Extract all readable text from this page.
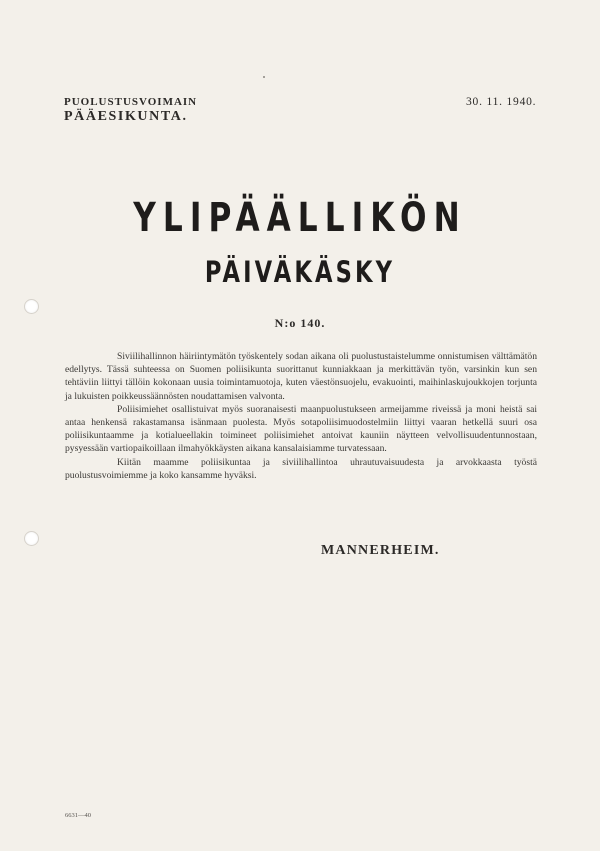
PUOLUSTUSVOIMAIN
PÄÄESIKUNTA.
30. 11. 1940.
YLIPÄÄLLIKÖN
PÄIVÄKÄSKY
N:o 140.

Siviilihallinnon häiriintymätön työskentely sodan aikana oli puolustustaistelumme onnistumisen välttämätön edellytys. Tässä suhteessa on Suomen poliisikunta suorittanut kunniakkaan ja merkittävän työn, varsinkin kun sen tehtäviin liittyi tällöin kokonaan uusia toimintamuotoja, kuten väestönsuojelu, evakuointi, maihinlaskujoukkojen torjunta ja lukuisten poikkeussäännösten noudattamisen valvonta.

Poliisimiehet osallistuivat myös suoranaisesti maanpuolustukseen armeijamme riveissä ja moni heistä sai antaa henkensä rakastamansa isänmaan puolesta. Myös sotapoliisimuodostelmiin liittyi vaaran hetkellä suuri osa poliisikuntaamme ja kotialueellakin toimineet poliisimiehet antoivat kauniin näytteen velvollisuudentunnostaan, pysyessään vartiopaikoillaan ilmahyökkäysten aikana kansalaisiamme turvatessaan.

Kiitän maamme poliisikuntaa ja siviilihallintoa uhrautuvaisuudesta ja arvokkaasta työstä puolustusvoimiemme ja koko kansamme hyväksi.

MANNERHEIM.
6631—40
